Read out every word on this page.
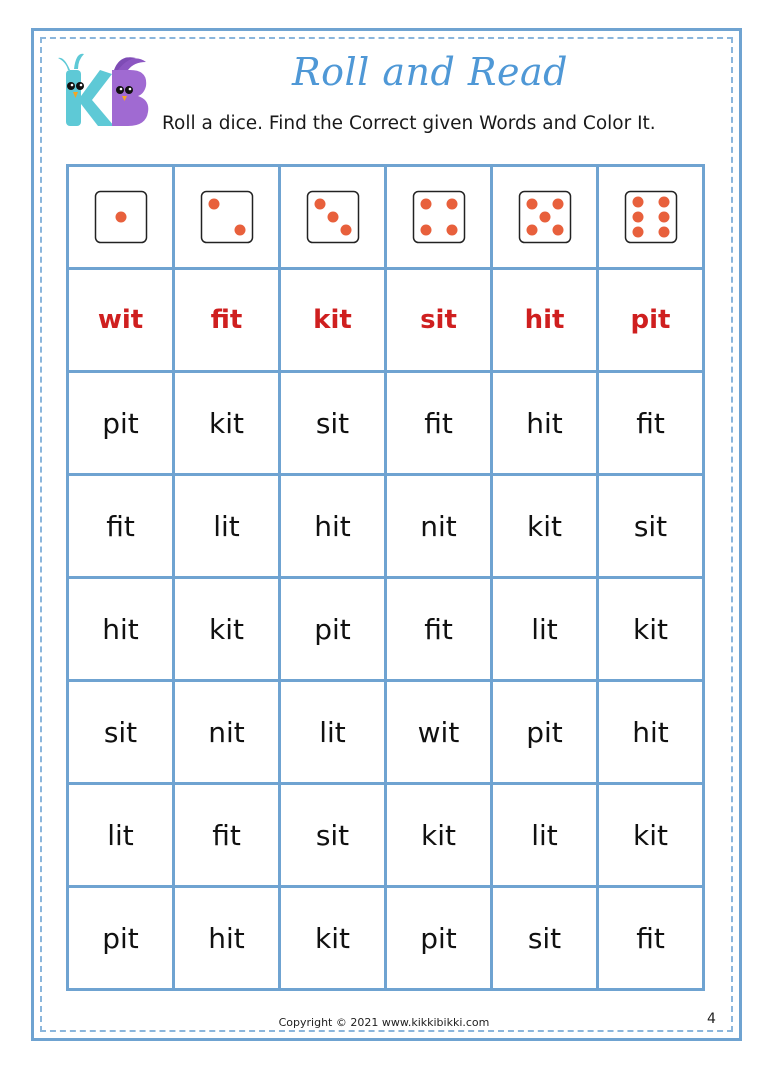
Roll and Read
Roll a dice. Find the Correct given Words and Color It.

wit	fit	kit	sit	hit	pit
pit	kit	sit	fit	hit	fit
fit	lit	hit	nit	kit	sit
hit	kit	pit	fit	lit	kit
sit	nit	lit	wit	pit	hit
lit	fit	sit	kit	lit	kit
pit	hit	kit	pit	sit	fit
Copyright © 2021 www.kikkibikki.com	4
